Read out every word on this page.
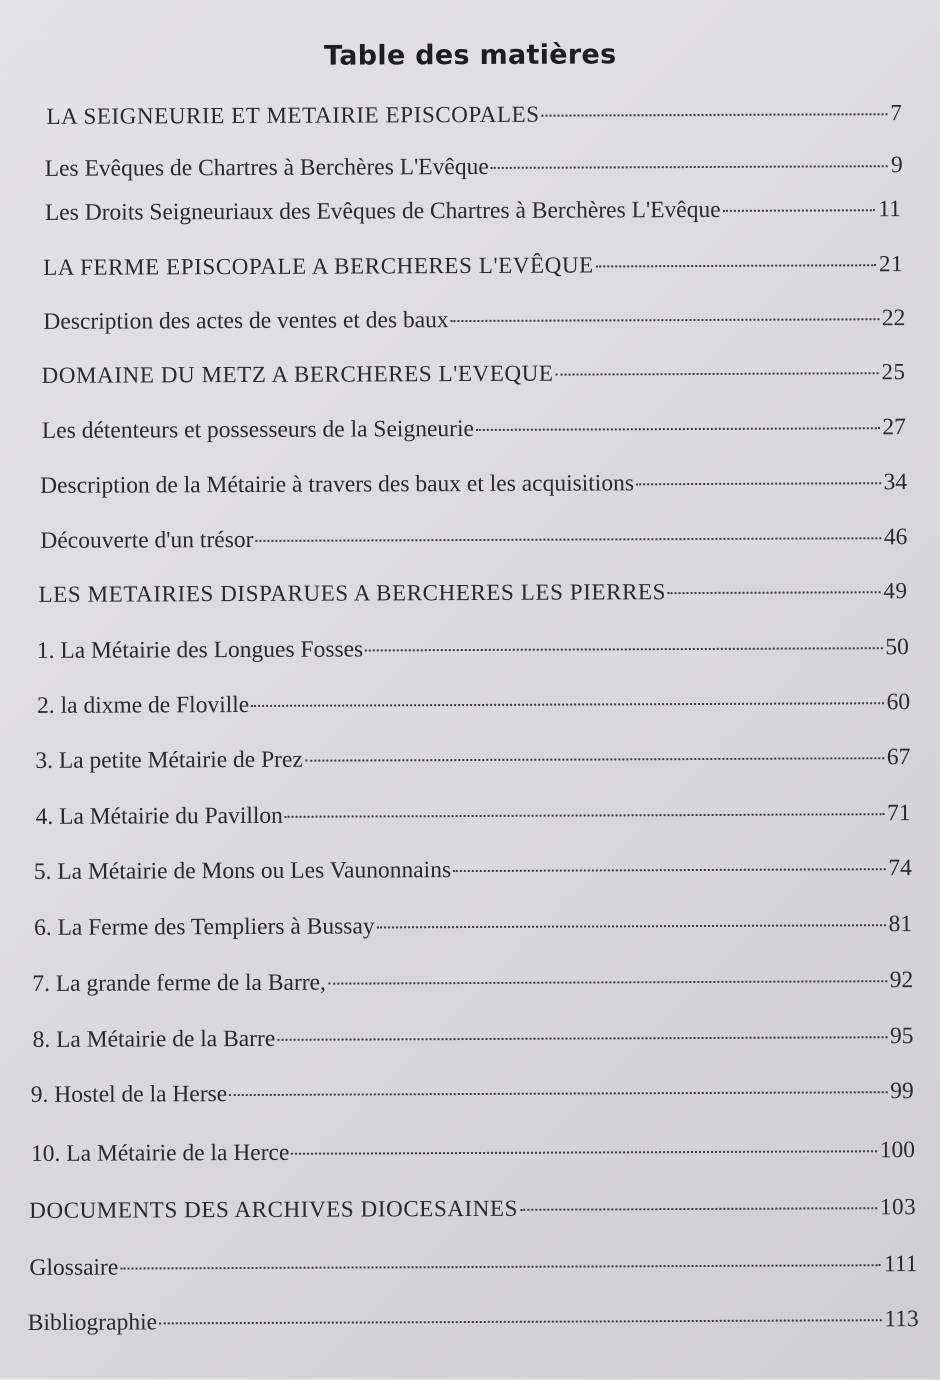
Table des matières
LA SEIGNEURIE ET METAIRIE EPISCOPALES	7
Les Evêques de Chartres à Berchères L'Evêque	9
Les Droits Seigneuriaux des Evêques de Chartres à Berchères L'Evêque	11
LA FERME EPISCOPALE A BERCHERES L'EVÊQUE	21
Description des actes de ventes et des baux	22
DOMAINE DU METZ A BERCHERES L'EVEQUE	25
Les détenteurs et possesseurs de la Seigneurie	27
Description de la Métairie à travers des baux et les acquisitions	34
Découverte d'un trésor	46
LES METAIRIES DISPARUES A BERCHERES LES PIERRES	49
1. La Métairie des Longues Fosses	50
2. la dixme de Floville	60
3. La petite Métairie de Prez	67
4. La Métairie du Pavillon	71
5. La Métairie de Mons ou Les Vaunonnains	74
6. La Ferme des Templiers à Bussay	81
7. La grande ferme de la Barre,	92
8. La Métairie de la Barre	95
9. Hostel de la Herse	99
10. La Métairie de la Herce	100
DOCUMENTS DES ARCHIVES DIOCESAINES	103
Glossaire	111
Bibliographie	113
